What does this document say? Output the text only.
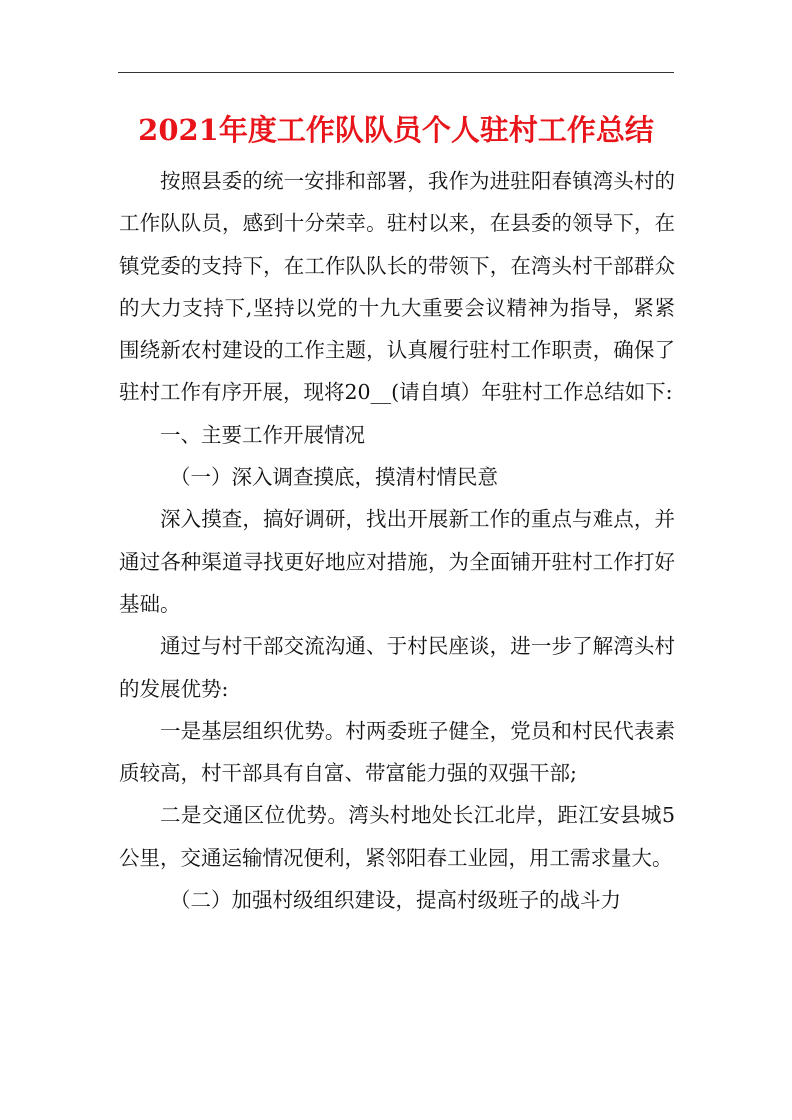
2021年度工作队队员个人驻村工作总结

按照县委的统一安排和部署，我作为进驻阳春镇湾头村的工作队队员，感到十分荣幸。驻村以来，在县委的领导下，在镇党委的支持下，在工作队队长的带领下，在湾头村干部群众的大力支持下,坚持以党的十九大重要会议精神为指导，紧紧围绕新农村建设的工作主题，认真履行驻村工作职责，确保了驻村工作有序开展，现将20__(请自填）年驻村工作总结如下:

一、主要工作开展情况

（一）深入调查摸底，摸清村情民意

深入摸查，搞好调研，找出开展新工作的重点与难点，并通过各种渠道寻找更好地应对措施，为全面铺开驻村工作打好基础。

通过与村干部交流沟通、于村民座谈，进一步了解湾头村的发展优势:

一是基层组织优势。村两委班子健全，党员和村民代表素质较高，村干部具有自富、带富能力强的双强干部;

二是交通区位优势。湾头村地处长江北岸，距江安县城5公里，交通运输情况便利，紧邻阳春工业园，用工需求量大。

（二）加强村级组织建设，提高村级班子的战斗力
